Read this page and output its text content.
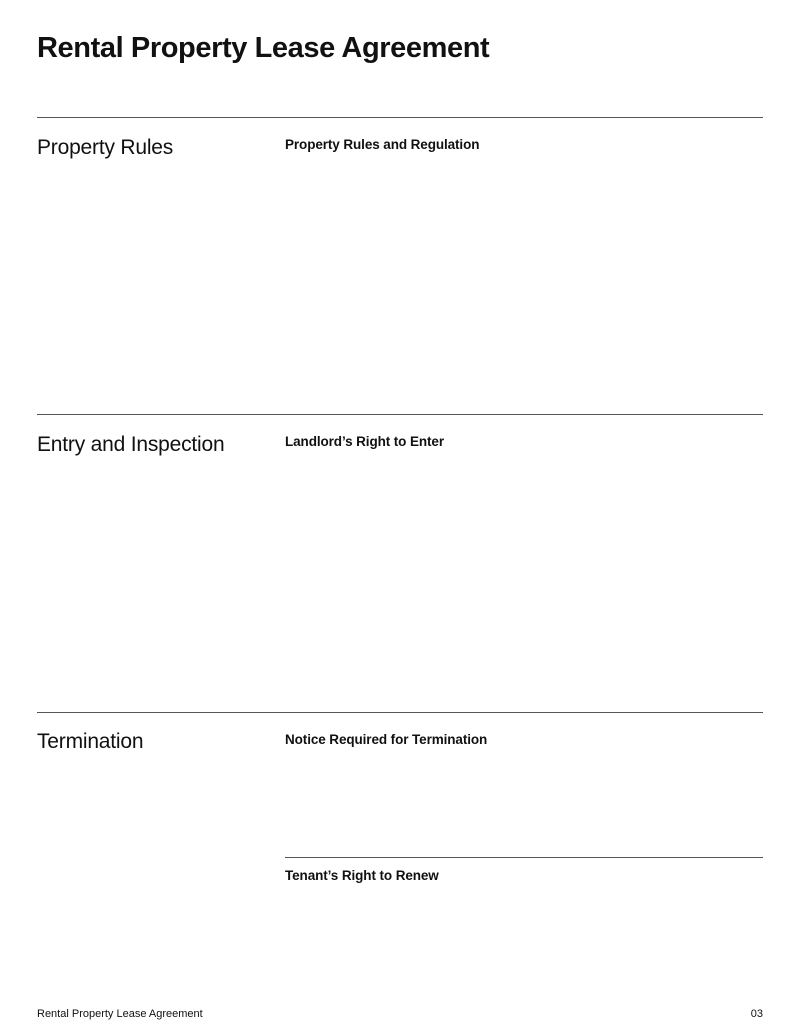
Rental Property Lease Agreement
Property Rules	Property Rules and Regulation
Entry and Inspection	Landlord’s Right to Enter
Termination	Notice Required for Termination
Tenant’s Right to Renew
Rental Property Lease Agreement	03
